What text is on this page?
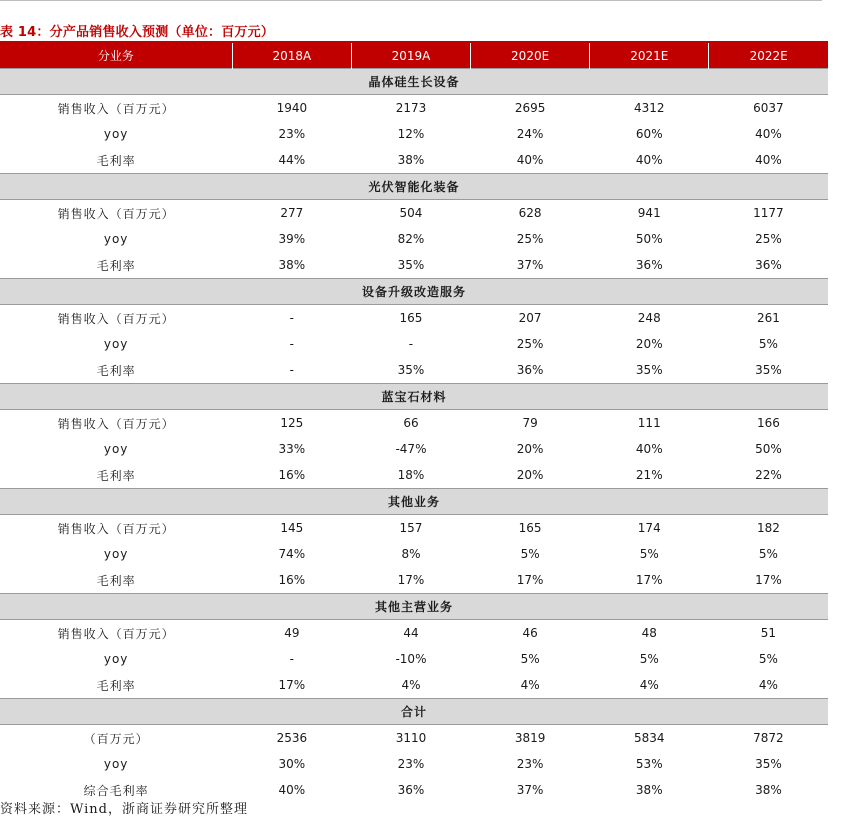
表 14：分产品销售收入预测（单位：百万元）
分业务	2018A	2019A	2020E	2021E	2022E
晶体硅生长设备					
销售收入（百万元）	1940	2173	2695	4312	6037
yoy	23%	12%	24%	60%	40%
毛利率	44%	38%	40%	40%	40%
光伏智能化装备					
销售收入（百万元）	277	504	628	941	1177
yoy	39%	82%	25%	50%	25%
毛利率	38%	35%	37%	36%	36%
设备升级改造服务					
销售收入（百万元）	-	165	207	248	261
yoy	-	-	25%	20%	5%
毛利率	-	35%	36%	35%	35%
蓝宝石材料					
销售收入（百万元）	125	66	79	111	166
yoy	33%	-47%	20%	40%	50%
毛利率	16%	18%	20%	21%	22%
其他业务					
销售收入（百万元）	145	157	165	174	182
yoy	74%	8%	5%	5%	5%
毛利率	16%	17%	17%	17%	17%
其他主营业务					
销售收入（百万元）	49	44	46	48	51
yoy	-	-10%	5%	5%	5%
毛利率	17%	4%	4%	4%	4%
合计					
（百万元）	2536	3110	3819	5834	7872
yoy	30%	23%	23%	53%	35%
综合毛利率	40%	36%	37%	38%	38%
资料来源：Wind，浙商证券研究所整理
